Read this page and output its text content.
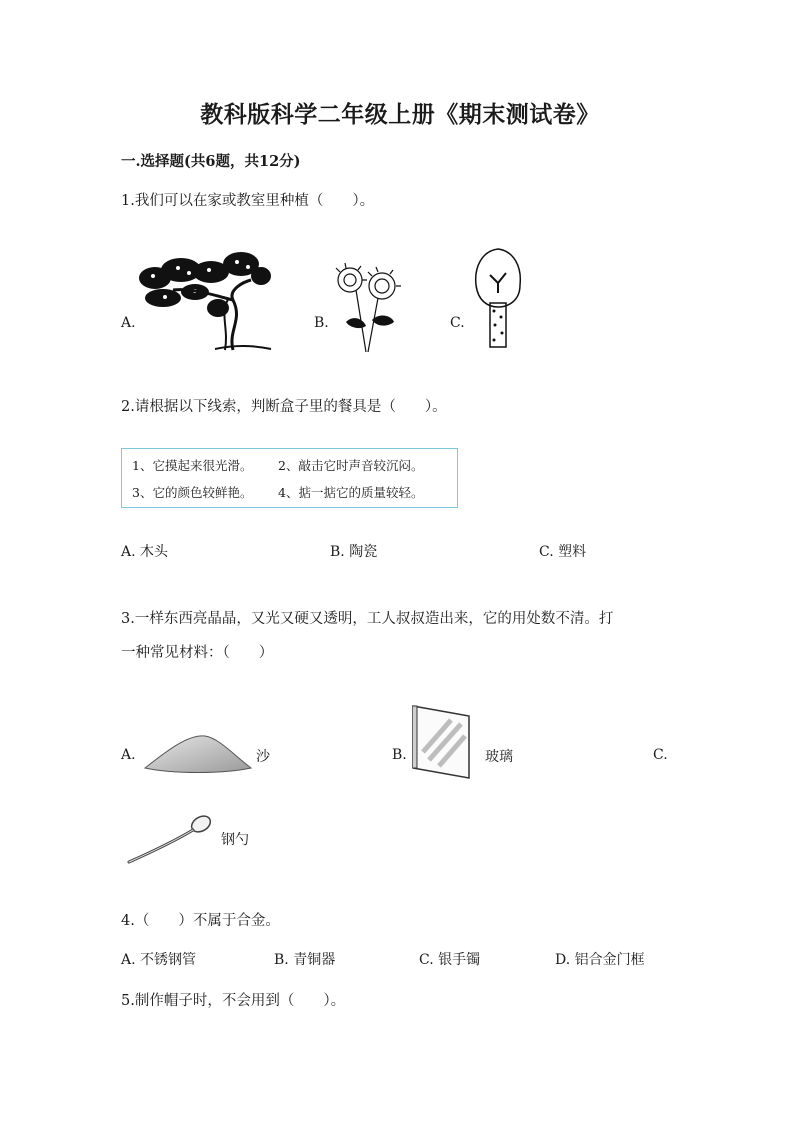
教科版科学二年级上册《期末测试卷》
一.选择题(共6题，共12分)
1.我们可以在家或教室里种植（　　）。
A.	B.	C.
2.请根据以下线索，判断盒子里的餐具是（　　）。
1、它摸起来很光滑。 2、敲击它时声音较沉闷。
3、它的颜色较鲜艳。 4、掂一掂它的质量较轻。
A. 木头	B. 陶瓷	C. 塑料
3.一样东西亮晶晶，又光又硬又透明，工人叔叔造出来，它的用处数不清。打
一种常见材料：（　　）
A.	沙	B.	玻璃	C.
钢勺
4.（　　）不属于合金。
A. 不锈钢管	B. 青铜器	C. 银手镯	D. 铝合金门框
5.制作帽子时，不会用到（　　）。
